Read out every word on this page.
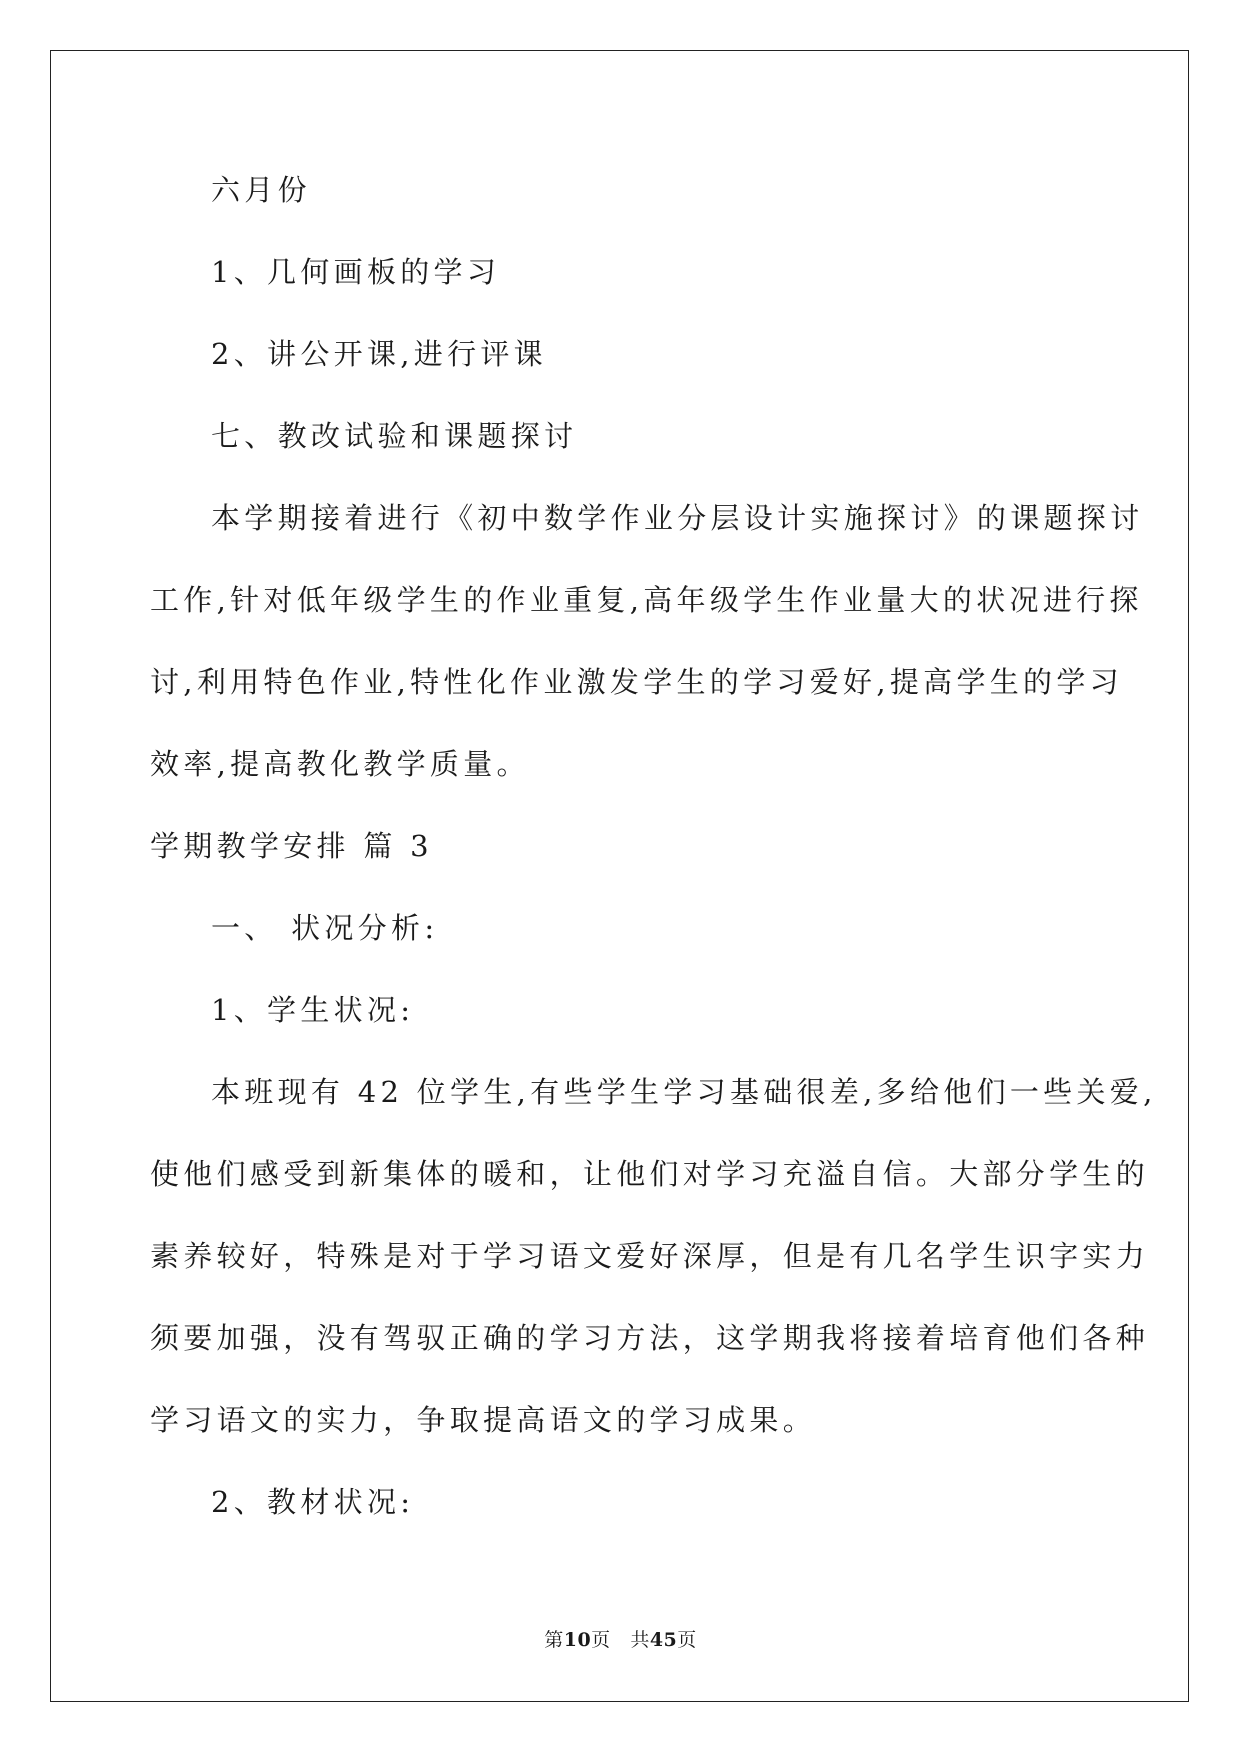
六月份
1、几何画板的学习
2、讲公开课,进行评课
七、教改试验和课题探讨
本学期接着进行《初中数学作业分层设计实施探讨》的课题探讨
工作,针对低年级学生的作业重复,高年级学生作业量大的状况进行探
讨,利用特色作业,特性化作业激发学生的学习爱好,提高学生的学习
效率,提高教化教学质量。
学期教学安排 篇 3
一、 状况分析:
1、学生状况:
本班现有 42 位学生,有些学生学习基础很差,多给他们一些关爱,
使他们感受到新集体的暖和，让他们对学习充溢自信。大部分学生的
素养较好，特殊是对于学习语文爱好深厚，但是有几名学生识字实力
须要加强，没有驾驭正确的学习方法，这学期我将接着培育他们各种
学习语文的实力，争取提高语文的学习成果。
2、教材状况:
第10页 共45页
